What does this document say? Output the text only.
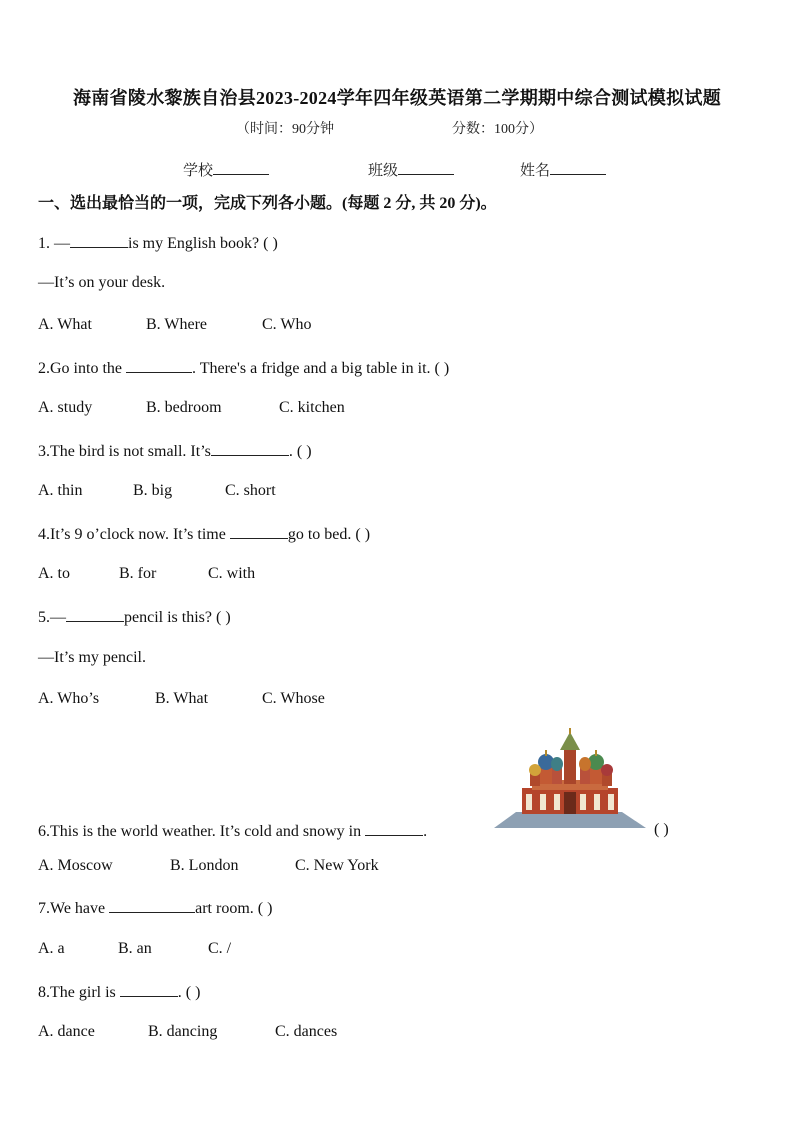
海南省陵水黎族自治县2023-2024学年四年级英语第二学期期中综合测试模拟试题
（时间：90分钟	分数：100分）
学校	班级	姓名
一、选出最恰当的一项，完成下列各小题。(每题 2 分, 共 20 分)。
1. —	is my English book? ( )
—It’s on your desk.
A. What	B. Where	C. Who
2.Go into the	. There's a fridge and a big table in it. ( )
A. study	B. bedroom	C. kitchen
3.The bird is not small. It’s	. ( )
A. thin	B. big	C. short
4.It’s 9 o’clock now. It’s time	go to bed. ( )
A. to	B. for	C. with
5.—	pencil is this? ( )
—It’s my pencil.
A. Who’s	B. What	C. Whose
6.This is the world weather. It’s cold and snowy in	.	( )
A. Moscow	B. London	C. New York
7.We have	art room. ( )
A. a	B. an	C. /
8.The girl is	. ( )
A. dance	B. dancing	C. dances
